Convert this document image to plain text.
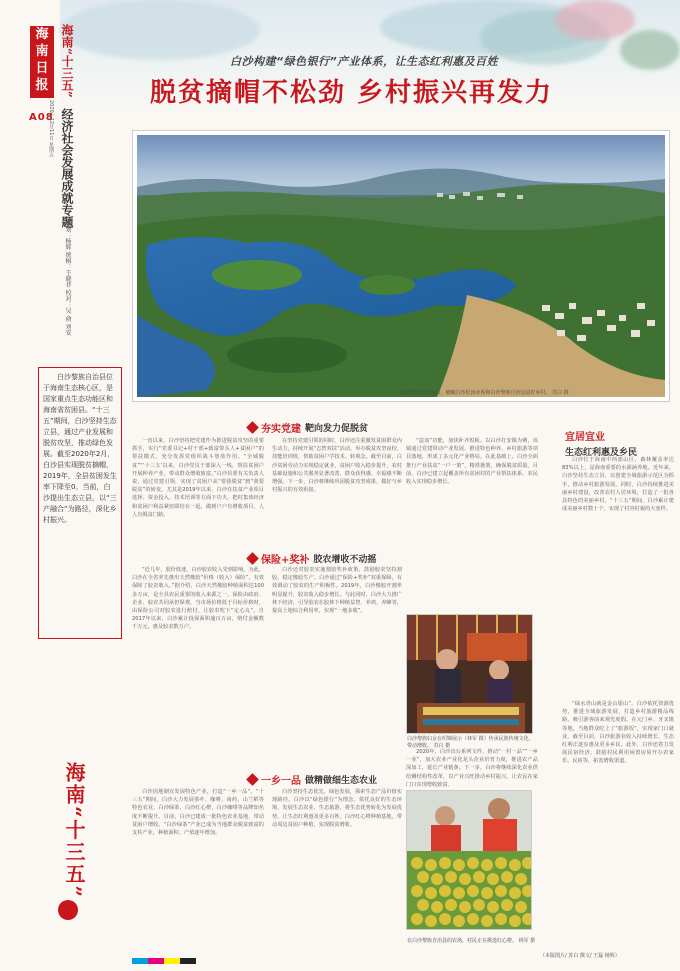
海
南
日
报
A08
2020年12月11日 星期五
海南“十三五”
经济社会发展成就专题
策划：杨辉 统稿：王晓菲 校对：吴 俞 刘安
白沙构建“绿色银行”产业体系，让生态红利惠及百姓
脱贫摘帽不松劲 乡村振兴再发力
2020年11月19日，俯瞰白沙松涛水库和白沙黎族自治县富好乡村。 苏白 摄

白沙黎族自治县位于海南生态核心区，是国家重点生态功能区和海南省贫困县。“十三五”期间，白沙坚持生态立县，通过产业发展和脱贫攻坚，推动绿色发展。截至2020年2月，白沙县实现脱贫摘帽，2019年，全县贫困发生率下降至0。当前，白沙提出生态立县，以“三产融合”为路径，深化乡村振兴。

海南“十三五”
夯实党建 靶向发力促脱贫
保险+奖补 胶农增收不动摇
一乡一品 做精做细生态农业
宜居宜业
生态红利惠及乡民

一直以来，白沙坚持把党建作为推进脱贫攻坚的重要抓手，实行“党委书记+村干部+致富带头人+贫困户”的帮扶模式，充分发挥党组织战斗堡垒作用。“全域脱贫”“‘十三五’以来，白沙党员干部深入一线，帮扶贫困户开展种养产业，带动群众增收致富。”白沙县委有关负责人说，通过党建引领，实现了贫困户从“要我脱贫”到“我要脱贫”的转变。尤其是2019年以来，白沙在扶贫产业项目选择、资金投入、技术培训等方面下功夫，把村集体经济和贫困户利益紧密联结在一起，做到户户有增收项目、人人有脱贫门路。

在坚持党建引领的同时，白沙还注重激发贫困群众内生动力，持续开展“志智双扶”活动，举办脱贫攻坚夜校、技能培训班，帮助贫困户学技术、转观念。截至目前，白沙贫困劳动力实现稳定就业，贫困户收入稳步提升，农村基础设施和公共服务显著改善，群众获得感、幸福感不断增强。下一步，白沙将继续巩固脱贫攻坚成果，做好与乡村振兴的有效衔接。

“造血”功能，加快补齐短板。以白沙打安镇为例，该镇通过党建带动产业发展，推进特色种养、乡村旅游等项目落地，形成了多元化产业格局。在此基础上，白沙全面推行产业扶贫“一户一策”，精准施策，确保脱贫质量。目前，白沙已建立起覆盖所有贫困村的产业帮扶体系，农民收入实现稳步增长。

“近几年，胶价低迷，白沙胶农收入受到影响。为此，白沙在全省率先推出天然橡胶“价格（收入）保险”，有效保障了胶农收入。”据介绍，白沙天然橡胶种植面积达100多万亩，是全县农民重要的收入来源之一。保险由政府、企业、胶农共同承担保费，当市场价格低于目标价格时，由保险公司对胶农进行赔付，让胶农吃下“定心丸”。自2017年以来，白沙累计投保面积逾百万亩，赔付金额数千万元，惠及胶农数万户。

白沙还对胶农实施割胶奖补政策，鼓励胶农坚持割胶，稳定橡胶生产。白沙通过“保险+奖补”双重保障，有效调动了胶农的生产积极性。2019年，白沙橡胶开割率明显提升，胶农收入稳步增长。与此同时，白沙大力推广林下经济，引导胶农在胶林下种植益智、养鸡、养蜂等，提高土地综合利用率，实现“一地多收”。

白沙因地制宜发展特色产业，打造“一乡一品”。“十三五”期间，白沙大力发展茶叶、咖啡、南药、山兰稻等特色农业，白沙绿茶、白沙红心橙、白沙咖啡等品牌知名度不断提升。目前，白沙已建成一批特色农业基地，带动贫困户增收。“白沙绿茶”产业已成为当地群众脱贫致富的支柱产业，种植面积、产值逐年增加。

白沙坚持生态优先，绿色发展，探索生态产品价值实现路径。白沙以“绿色银行”为理念，依托良好的生态环境，发展生态农业、生态旅游，将生态优势转化为发展优势，让生态红利惠及更多百姓。白沙红心橙种植基地，带动周边贫困户种植，实现脱贫增收。

2020年，白沙出台系列文件，推动“一村一品”“一乡一业”，加大农业产业化龙头企业培育力度，推进农产品深加工，延长产业链条。下一步，白沙将继续深化农业供给侧结构性改革，以产业兴旺推动乡村振兴，让农民在家门口实现增收致富。

白沙位于海南中西部山区，森林覆盖率达83%以上，是海南重要的水源涵养地。近年来，白沙坚持生态立县，以创建全域旅游示范区为抓手，推动乡村旅游发展。同时，白沙持续推进美丽乡村建设，改善农村人居环境，打造了一批各具特色的美丽乡村，“十三五”期间，白沙累计建成美丽乡村数十个，实现了村容村貌的大变样。

“绿水青山就是金山银山”。白沙依托资源优势，推进全域旅游发展，打造乡村旅游精品线路，吸引游客前来观光度假。在元门乡、牙叉镇等地，当地群众吃上了“旅游饭”，实现家门口就业。截至目前，白沙旅游业收入持续增长，生态红利正逐步惠及更多乡民。此外，白沙还着力发展民宿经济，鼓励村民利用闲置房屋开办农家乐、民宿等，拓宽增收渠道。

白沙黎族妇女在织锦展示（林军 摄）传承民族传统文化，带动增收。 苏白 摄
在白沙黎族自治县的农场，村民正在挑选红心橙。 林军 摄
（本版图片/ 苏白 撰文/ 王磊 杨辉）
